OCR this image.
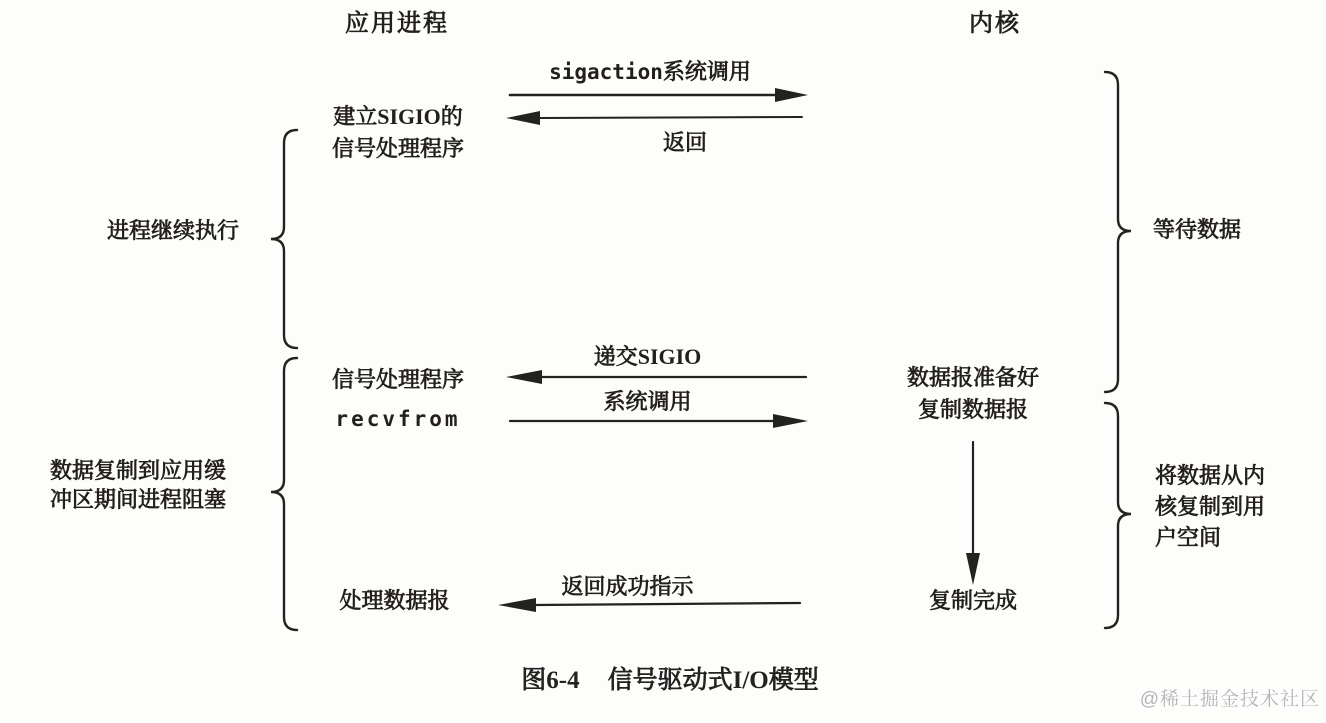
应用进程	内核
sigaction系统调用
返回
建立SIGIO的
信号处理程序
进程继续执行
递交SIGIO
信号处理程序
recvfrom
系统调用
数据报准备好
复制数据报
等待数据
数据复制到应用缓
冲区期间进程阻塞
将数据从内
核复制到用
户空间
返回成功指示
处理数据报	复制完成
图6-4 信号驱动式I/O模型
@稀土掘金技术社区
